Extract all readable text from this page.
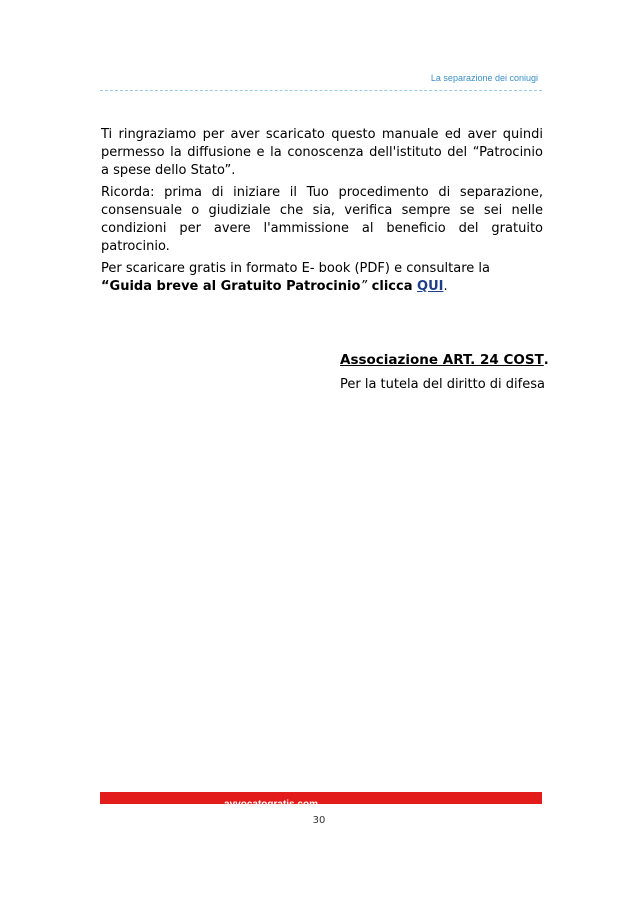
La separazione dei coniugi

Ti ringraziamo per aver scaricato questo manuale ed aver quindi permesso la diffusione e la conoscenza dell'istituto del “Patrocinio a spese dello Stato”.

Ricorda: prima di iniziare il Tuo procedimento di separazione, consensuale o giudiziale che sia, verifica sempre se sei nelle condizioni per avere l'ammissione al beneficio del gratuito patrocinio.

Per scaricare gratis in formato E- book (PDF) e consultare la
“Guida breve al Gratuito Patrocinio” clicca QUI.

Associazione ART. 24 COST.
Per la tutela del diritto di difesa
avvocatogratis.com
30
